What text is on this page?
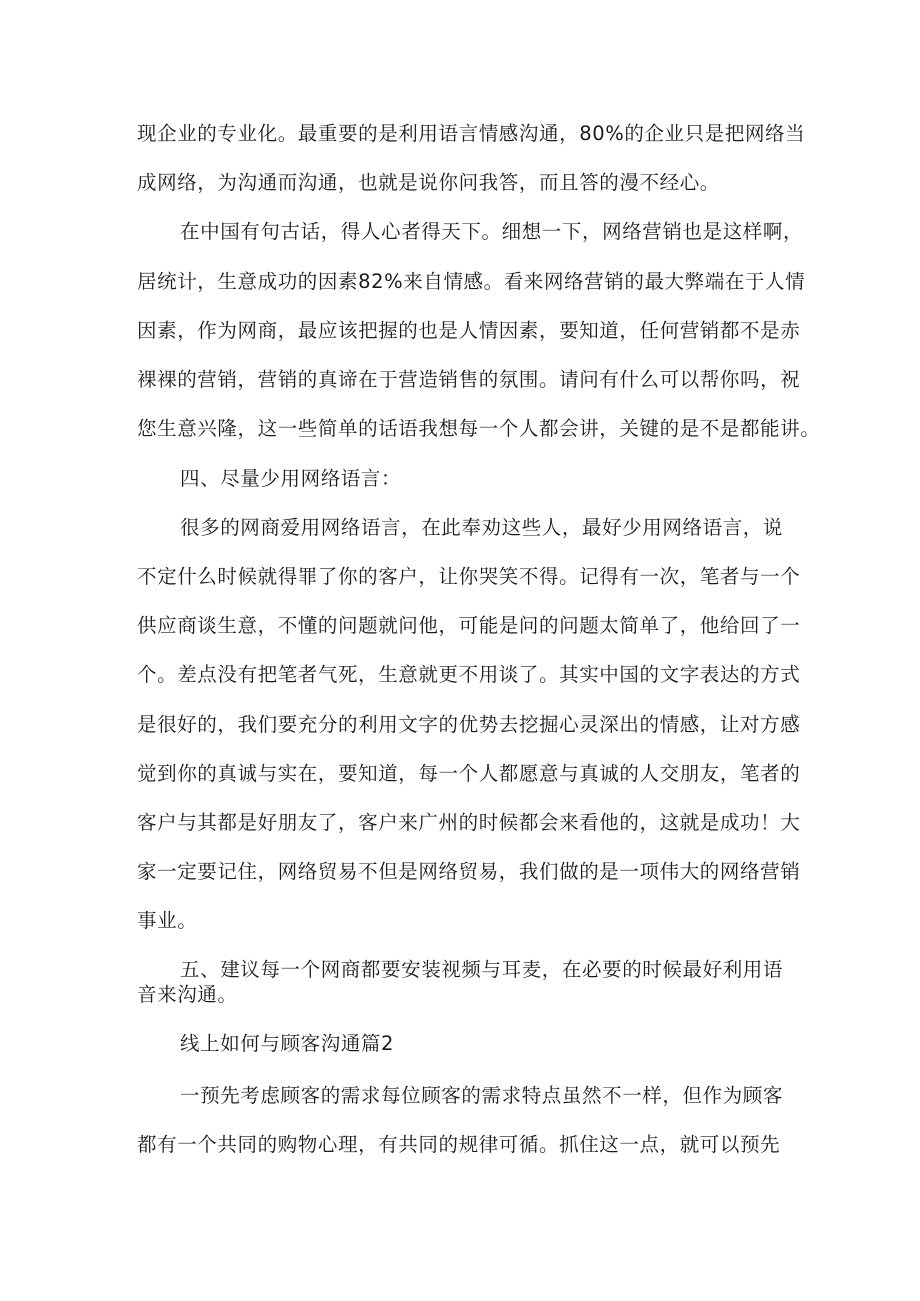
现企业的专业化。最重要的是利用语言情感沟通，80%的企业只是把网络当
成网络，为沟通而沟通，也就是说你问我答，而且答的漫不经心。
在中国有句古话，得人心者得天下。细想一下，网络营销也是这样啊，
居统计，生意成功的因素82%来自情感。看来网络营销的最大弊端在于人情
因素，作为网商，最应该把握的也是人情因素，要知道，任何营销都不是赤
裸裸的营销，营销的真谛在于营造销售的氛围。请问有什么可以帮你吗，祝
您生意兴隆，这一些简单的话语我想每一个人都会讲，关键的是不是都能讲。
四、尽量少用网络语言：
很多的网商爱用网络语言，在此奉劝这些人，最好少用网络语言，说
不定什么时候就得罪了你的客户，让你哭笑不得。记得有一次，笔者与一个
供应商谈生意，不懂的问题就问他，可能是问的问题太简单了，他给回了一
个。差点没有把笔者气死，生意就更不用谈了。其实中国的文字表达的方式
是很好的，我们要充分的利用文字的优势去挖掘心灵深出的情感，让对方感
觉到你的真诚与实在，要知道，每一个人都愿意与真诚的人交朋友，笔者的
客户与其都是好朋友了，客户来广州的时候都会来看他的，这就是成功！大
家一定要记住，网络贸易不但是网络贸易，我们做的是一项伟大的网络营销
事业。
五、建议每一个网商都要安装视频与耳麦，在必要的时候最好利用语
音来沟通。
线上如何与顾客沟通篇2
一预先考虑顾客的需求每位顾客的需求特点虽然不一样，但作为顾客
都有一个共同的购物心理，有共同的规律可循。抓住这一点，就可以预先
